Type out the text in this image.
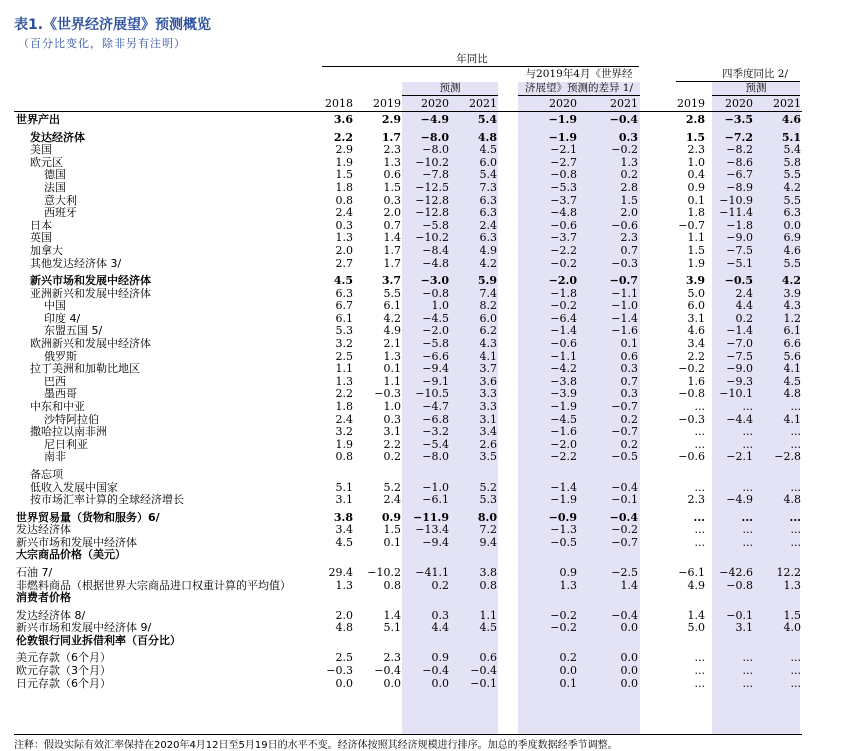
表1.《世界经济展望》预测概览
（百分比变化，除非另有注明）
年同比
预测
与2019年4月《世界经
济展望》预测的差异 1/
四季度同比 2/
预测
2018	2019	2020	2021	2020	2021	2019	2020	2021
世界产出	3.6	2.9	−4.9	5.4	−1.9	−0.4	2.8	−3.5	4.6
发达经济体	2.2	1.7	−8.0	4.8	−1.9	0.3	1.5	−7.2	5.1
美国	2.9	2.3	−8.0	4.5	−2.1	−0.2	2.3	−8.2	5.4
欧元区	1.9	1.3	−10.2	6.0	−2.7	1.3	1.0	−8.6	5.8
德国	1.5	0.6	−7.8	5.4	−0.8	0.2	0.4	−6.7	5.5
法国	1.8	1.5	−12.5	7.3	−5.3	2.8	0.9	−8.9	4.2
意大利	0.8	0.3	−12.8	6.3	−3.7	1.5	0.1	−10.9	5.5
西班牙	2.4	2.0	−12.8	6.3	−4.8	2.0	1.8	−11.4	6.3
日本	0.3	0.7	−5.8	2.4	−0.6	−0.6	−0.7	−1.8	0.0
英国	1.3	1.4	−10.2	6.3	−3.7	2.3	1.1	−9.0	6.9
加拿大	2.0	1.7	−8.4	4.9	−2.2	0.7	1.5	−7.5	4.6
其他发达经济体 3/	2.7	1.7	−4.8	4.2	−0.2	−0.3	1.9	−5.1	5.5
新兴市场和发展中经济体	4.5	3.7	−3.0	5.9	−2.0	−0.7	3.9	−0.5	4.2
亚洲新兴和发展中经济体	6.3	5.5	−0.8	7.4	−1.8	−1.1	5.0	2.4	3.9
中国	6.7	6.1	1.0	8.2	−0.2	−1.0	6.0	4.4	4.3
印度 4/	6.1	4.2	−4.5	6.0	−6.4	−1.4	3.1	0.2	1.2
东盟五国 5/	5.3	4.9	−2.0	6.2	−1.4	−1.6	4.6	−1.4	6.1
欧洲新兴和发展中经济体	3.2	2.1	−5.8	4.3	−0.6	0.1	3.4	−7.0	6.6
俄罗斯	2.5	1.3	−6.6	4.1	−1.1	0.6	2.2	−7.5	5.6
拉丁美洲和加勒比地区	1.1	0.1	−9.4	3.7	−4.2	0.3	−0.2	−9.0	4.1
巴西	1.3	1.1	−9.1	3.6	−3.8	0.7	1.6	−9.3	4.5
墨西哥	2.2	−0.3	−10.5	3.3	−3.9	0.3	−0.8	−10.1	4.8
中东和中亚	1.8	1.0	−4.7	3.3	−1.9	−0.7	...	...	...
沙特阿拉伯	2.4	0.3	−6.8	3.1	−4.5	0.2	−0.3	−4.4	4.1
撒哈拉以南非洲	3.2	3.1	−3.2	3.4	−1.6	−0.7	...	...	...
尼日利亚	1.9	2.2	−5.4	2.6	−2.0	0.2	...	...	...
南非	0.8	0.2	−8.0	3.5	−2.2	−0.5	−0.6	−2.1	−2.8
备忘项
低收入发展中国家	5.1	5.2	−1.0	5.2	−1.4	−0.4	...	...	...
按市场汇率计算的全球经济增长	3.1	2.4	−6.1	5.3	−1.9	−0.1	2.3	−4.9	4.8
世界贸易量（货物和服务）6/	3.8	0.9	−11.9	8.0	−0.9	−0.4	...	...	...
发达经济体	3.4	1.5	−13.4	7.2	−1.3	−0.2	...	...	...
新兴市场和发展中经济体	4.5	0.1	−9.4	9.4	−0.5	−0.7	...	...	...
大宗商品价格（美元）
石油 7/	29.4	−10.2	−41.1	3.8	0.9	−2.5	−6.1	−42.6	12.2
非燃料商品（根据世界大宗商品进口权重计算的平均值）	1.3	0.8	0.2	0.8	1.3	1.4	4.9	−0.8	1.3
消费者价格
发达经济体 8/	2.0	1.4	0.3	1.1	−0.2	−0.4	1.4	−0.1	1.5
新兴市场和发展中经济体 9/	4.8	5.1	4.4	4.5	−0.2	0.0	5.0	3.1	4.0
伦敦银行同业拆借利率（百分比）
美元存款（6个月）	2.5	2.3	0.9	0.6	0.2	0.0	...	...	...
欧元存款（3个月）	−0.3	−0.4	−0.4	−0.4	0.0	0.0	...	...	...
日元存款（6个月）	0.0	0.0	0.0	−0.1	0.1	0.0	...	...	...
注释：假设实际有效汇率保持在2020年4月12日至5月19日的水平不变。经济体按照其经济规模进行排序。加总的季度数据经季节调整。
